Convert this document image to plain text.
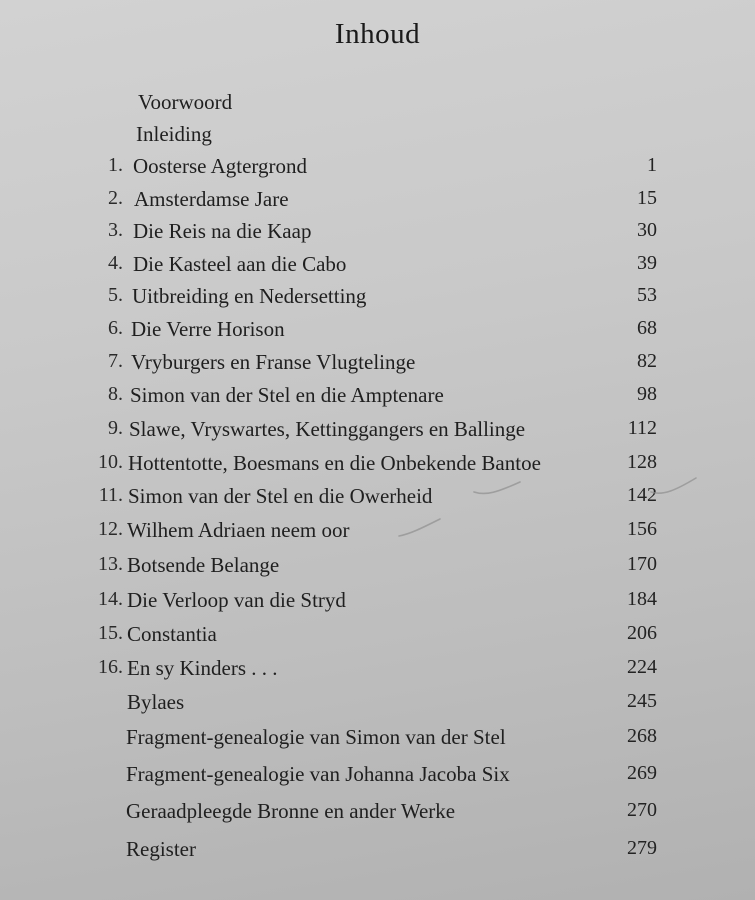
Inhoud
Voorwoord
Inleiding
1. Oosterse Agtergrond	1
2. Amsterdamse Jare	15
3. Die Reis na die Kaap	30
4. Die Kasteel aan die Cabo	39
5. Uitbreiding en Nedersetting	53
6. Die Verre Horison	68
7. Vryburgers en Franse Vlugtelinge	82
8. Simon van der Stel en die Amptenare	98
9. Slawe, Vryswartes, Kettinggangers en Ballinge	112
10. Hottentotte, Boesmans en die Onbekende Bantoe	128
11. Simon van der Stel en die Owerheid	142
12. Wilhem Adriaen neem oor	156
13. Botsende Belange	170
14. Die Verloop van die Stryd	184
15. Constantia	206
16. En sy Kinders . . .	224
Bylaes	245
Fragment-genealogie van Simon van der Stel	268
Fragment-genealogie van Johanna Jacoba Six	269
Geraadpleegde Bronne en ander Werke	270
Register	279
